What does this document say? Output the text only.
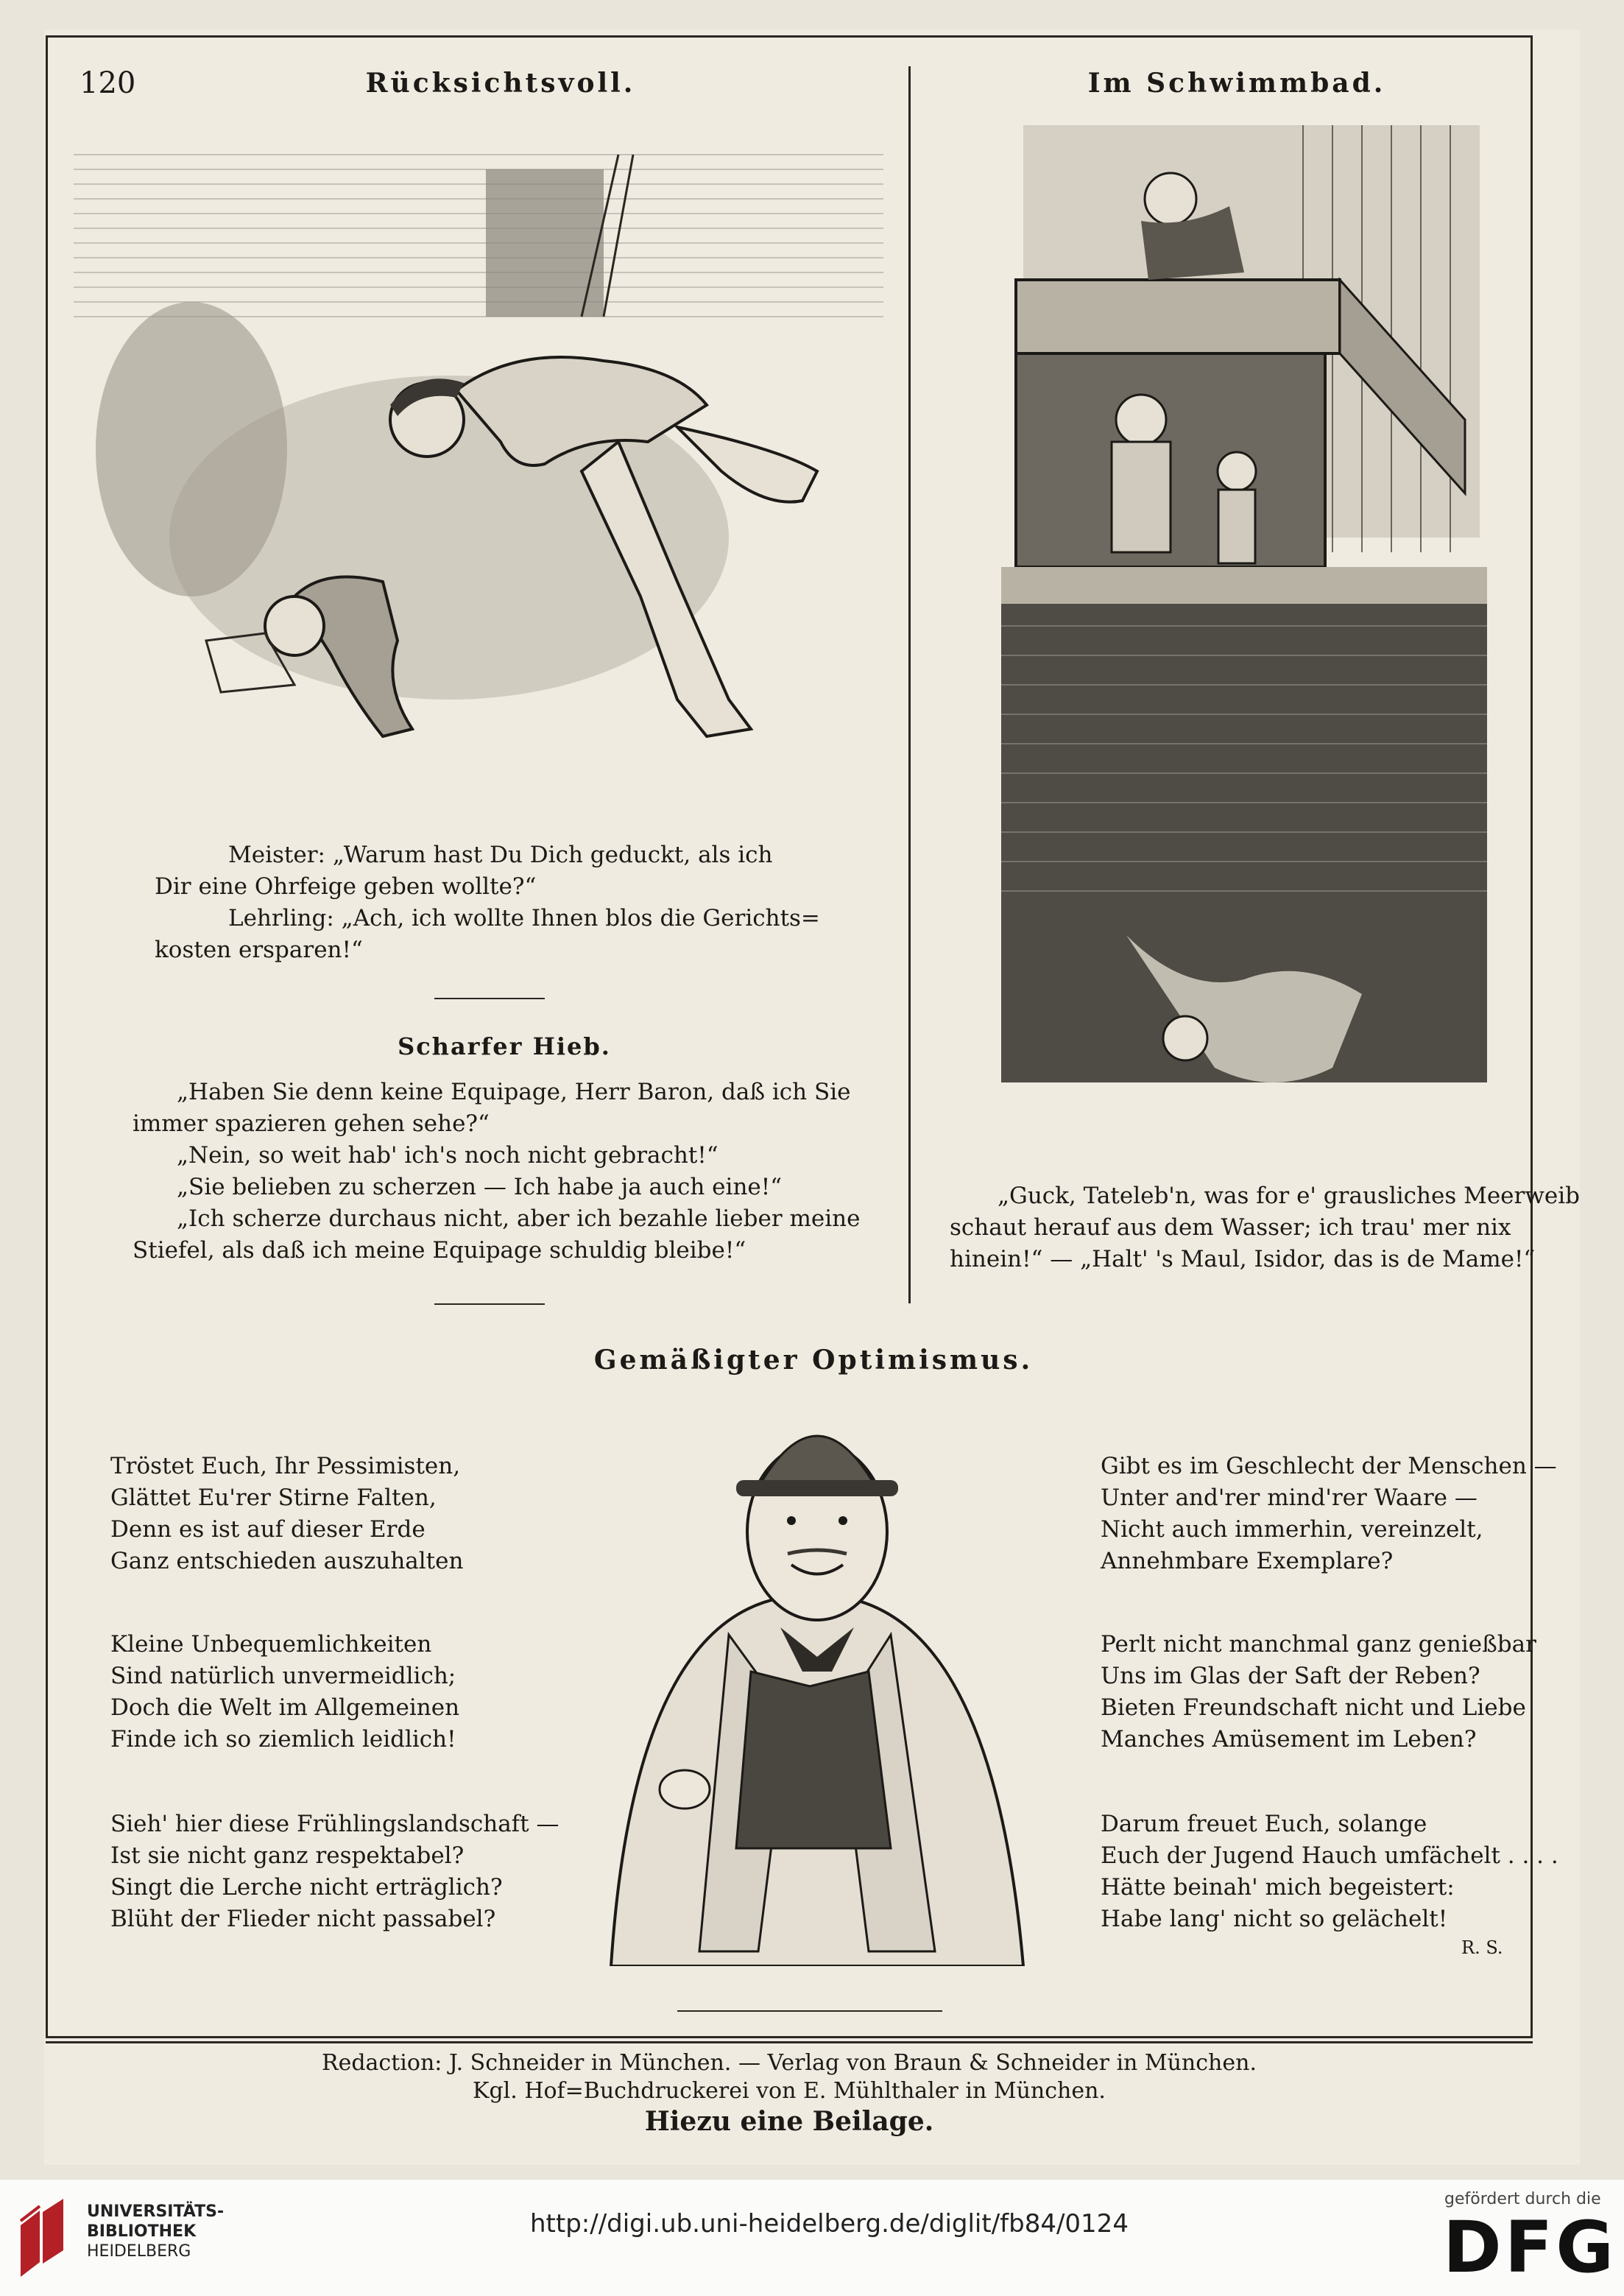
120	Rücksichtsvoll.	Im Schwimmbad.
Meister: „Warum hast Du Dich geduckt, als ich
Dir eine Ohrfeige geben wollte?“
Lehrling: „Ach, ich wollte Ihnen blos die Gerichts=
kosten ersparen!“
Scharfer Hieb.
„Haben Sie denn keine Equipage, Herr Baron, daß ich Sie
immer spazieren gehen sehe?“
„Nein, so weit hab' ich's noch nicht gebracht!“
„Sie belieben zu scherzen — Ich habe ja auch eine!“
„Ich scherze durchaus nicht, aber ich bezahle lieber meine
Stiefel, als daß ich meine Equipage schuldig bleibe!“
„Guck, Tateleb'n, was for e' grausliches Meerweib
schaut herauf aus dem Wasser; ich trau' mer nix
hinein!“ — „Halt' 's Maul, Isidor, das is de Mame!“
Gemäßigter Optimismus.
Tröstet Euch, Ihr Pessimisten,
Glättet Eu'rer Stirne Falten,
Denn es ist auf dieser Erde
Ganz entschieden auszuhalten
Kleine Unbequemlichkeiten
Sind natürlich unvermeidlich;
Doch die Welt im Allgemeinen
Finde ich so ziemlich leidlich!
Sieh' hier diese Frühlingslandschaft —
Ist sie nicht ganz respektabel?
Singt die Lerche nicht erträglich?
Blüht der Flieder nicht passabel?
Gibt es im Geschlecht der Menschen —
Unter and'rer mind'rer Waare —
Nicht auch immerhin, vereinzelt,
Annehmbare Exemplare?
Perlt nicht manchmal ganz genießbar
Uns im Glas der Saft der Reben?
Bieten Freundschaft nicht und Liebe
Manches Amüsement im Leben?
Darum freuet Euch, solange
Euch der Jugend Hauch umfächelt . . . .
Hätte beinah' mich begeistert:
Habe lang' nicht so gelächelt!
R. S.
Redaction: J. Schneider in München. — Verlag von Braun & Schneider in München.
Kgl. Hof=Buchdruckerei von E. Mühlthaler in München.
Hiezu eine Beilage.
UNIVERSITÄTS-
BIBLIOTHEK
HEIDELBERG
http://digi.ub.uni-heidelberg.de/diglit/fb84/0124
gefördert durch die
DFG
